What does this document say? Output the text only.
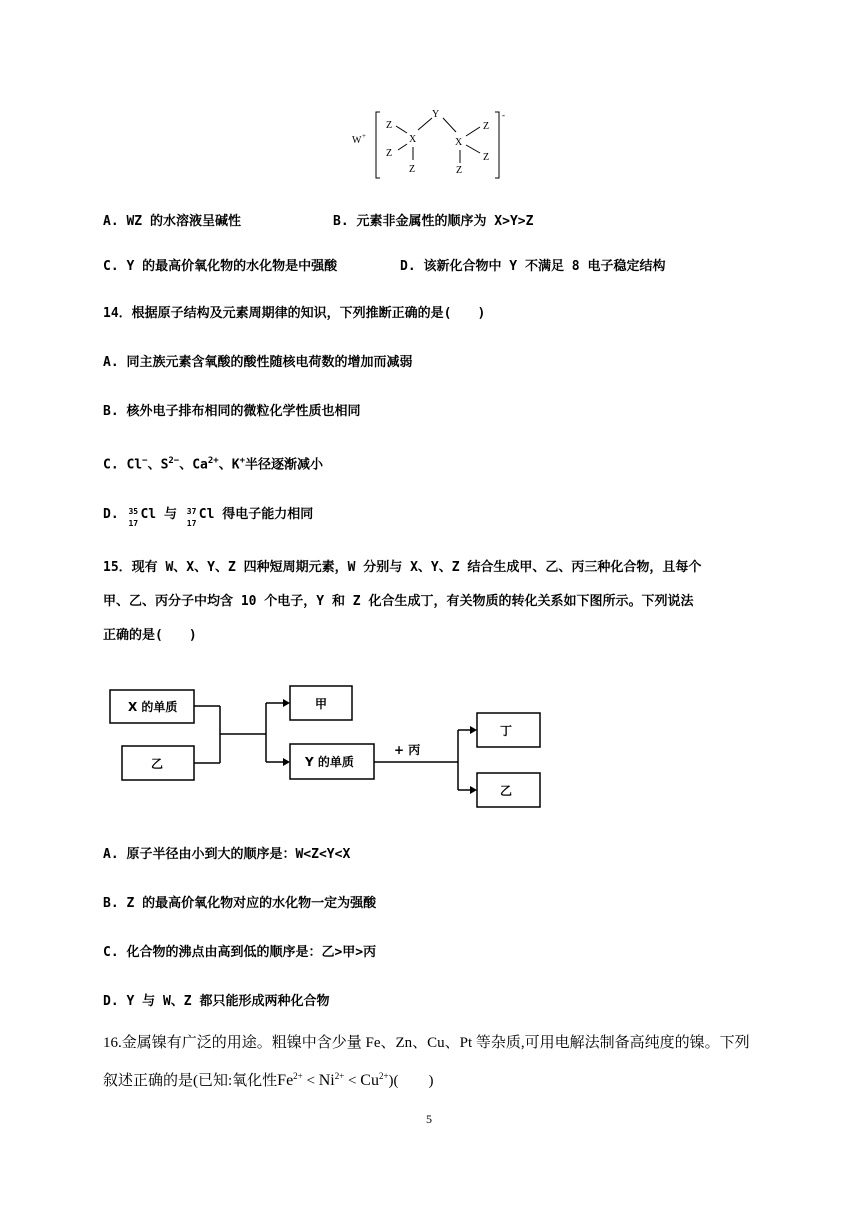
W +
-
Y
X	X
Z
Z
Z
Z
Z
Z
A. WZ 的水溶液呈碱性	B. 元素非金属性的顺序为 X>Y>Z
C. Y 的最高价氧化物的水化物是中强酸	D. 该新化合物中 Y 不满足 8 电子稳定结构
14．根据原子结构及元素周期律的知识，下列推断正确的是(　　)
A. 同主族元素含氧酸的酸性随核电荷数的增加而减弱
B. 核外电子排布相同的微粒化学性质也相同
C. Cl−、$S^{2-}$、$Ca^{2+}$、K+半径逐渐减小
D. 35
17
Cl 与 37
17
Cl 得电子能力相同
15．现有 W、X、Y、Z 四种短周期元素，W 分别与 X、Y、Z 结合生成甲、乙、丙三种化合物，且每个
甲、乙、丙分子中均含 10 个电子，Y 和 Z 化合生成丁，有关物质的转化关系如下图所示。下列说法
正确的是(　　)
X 的单质
乙
甲
Y 的单质
+ 丙
丁
乙
A. 原子半径由小到大的顺序是：W<Z<Y<X
B. Z 的最高价氧化物对应的水化物一定为强酸
C. 化合物的沸点由高到低的顺序是：乙>甲>丙
D. Y 与 W、Z 都只能形成两种化合物
16.金属镍有广泛的用途。粗镍中含少量 Fe、Zn、Cu、Pt 等杂质,可用电解法制备高纯度的镍。下列
叙述正确的是(已知:氧化性$Fe^{2+} < Ni^{2+} < Cu^{2+}$)(　　)
5
